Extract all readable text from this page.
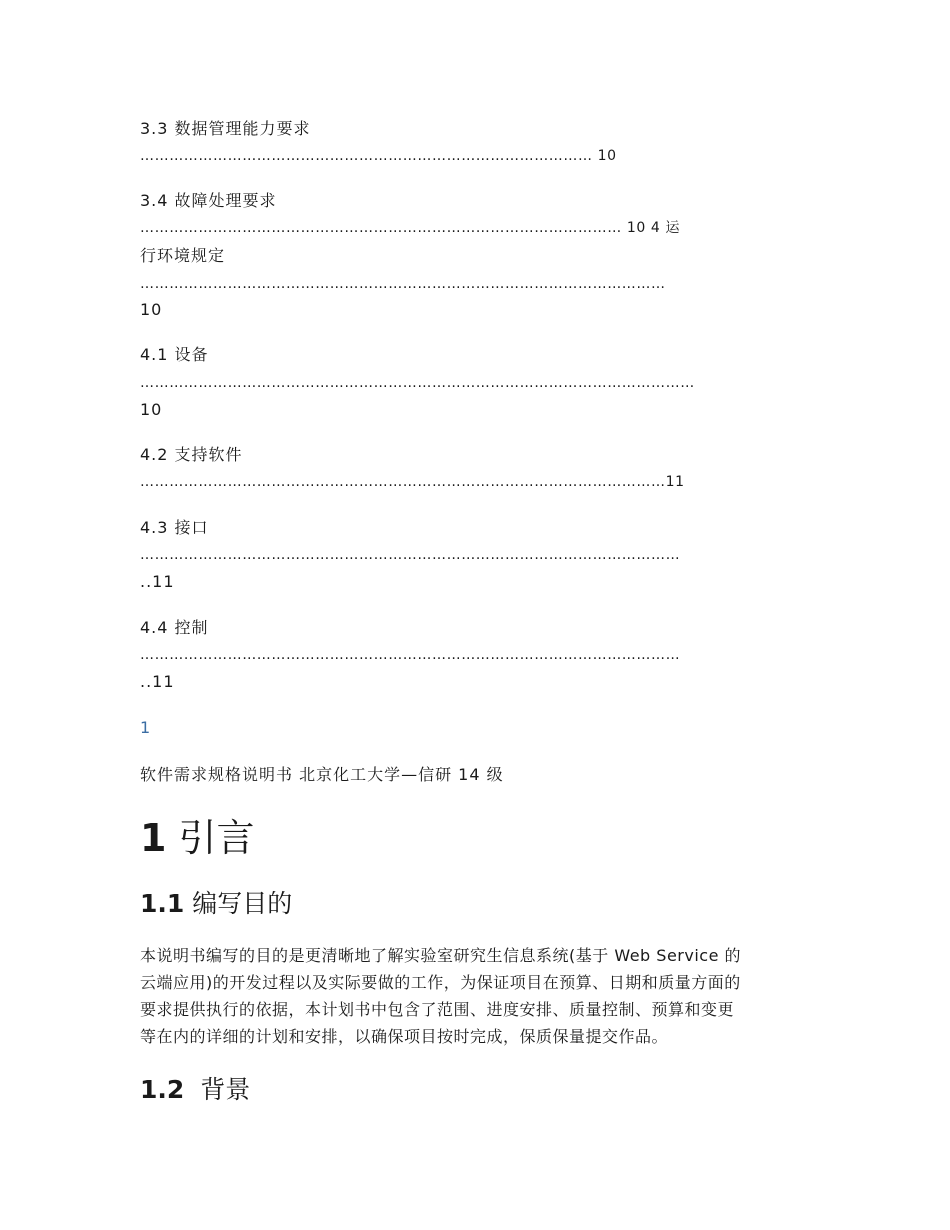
3.3 数据管理能力要求
………………………………………………………………………………… 10
3.4 故障处理要求
……………………………………………………………………………………… 10 4 运
行环境规定
………………………………………………………………………………………………
10
4.1 设备
……………………………………………………………………………………………………
10
4.2 支持软件
………………………………………………………………………………………………11
4.3 接口
…………………………………………………………………………………………………
..11
4.4 控制
…………………………………………………………………………………………………
..11
1
软件需求规格说明书 北京化工大学—信研 14 级
1 引言
1.1 编写目的
本说明书编写的目的是更清晰地了解实验室研究生信息系统(基于 Web Service 的
云端应用)的开发过程以及实际要做的工作，为保证项目在预算、日期和质量方面的
要求提供执行的依据，本计划书中包含了范围、进度安排、质量控制、预算和变更
等在内的详细的计划和安排，以确保项目按时完成，保质保量提交作品。
1.2  背景
